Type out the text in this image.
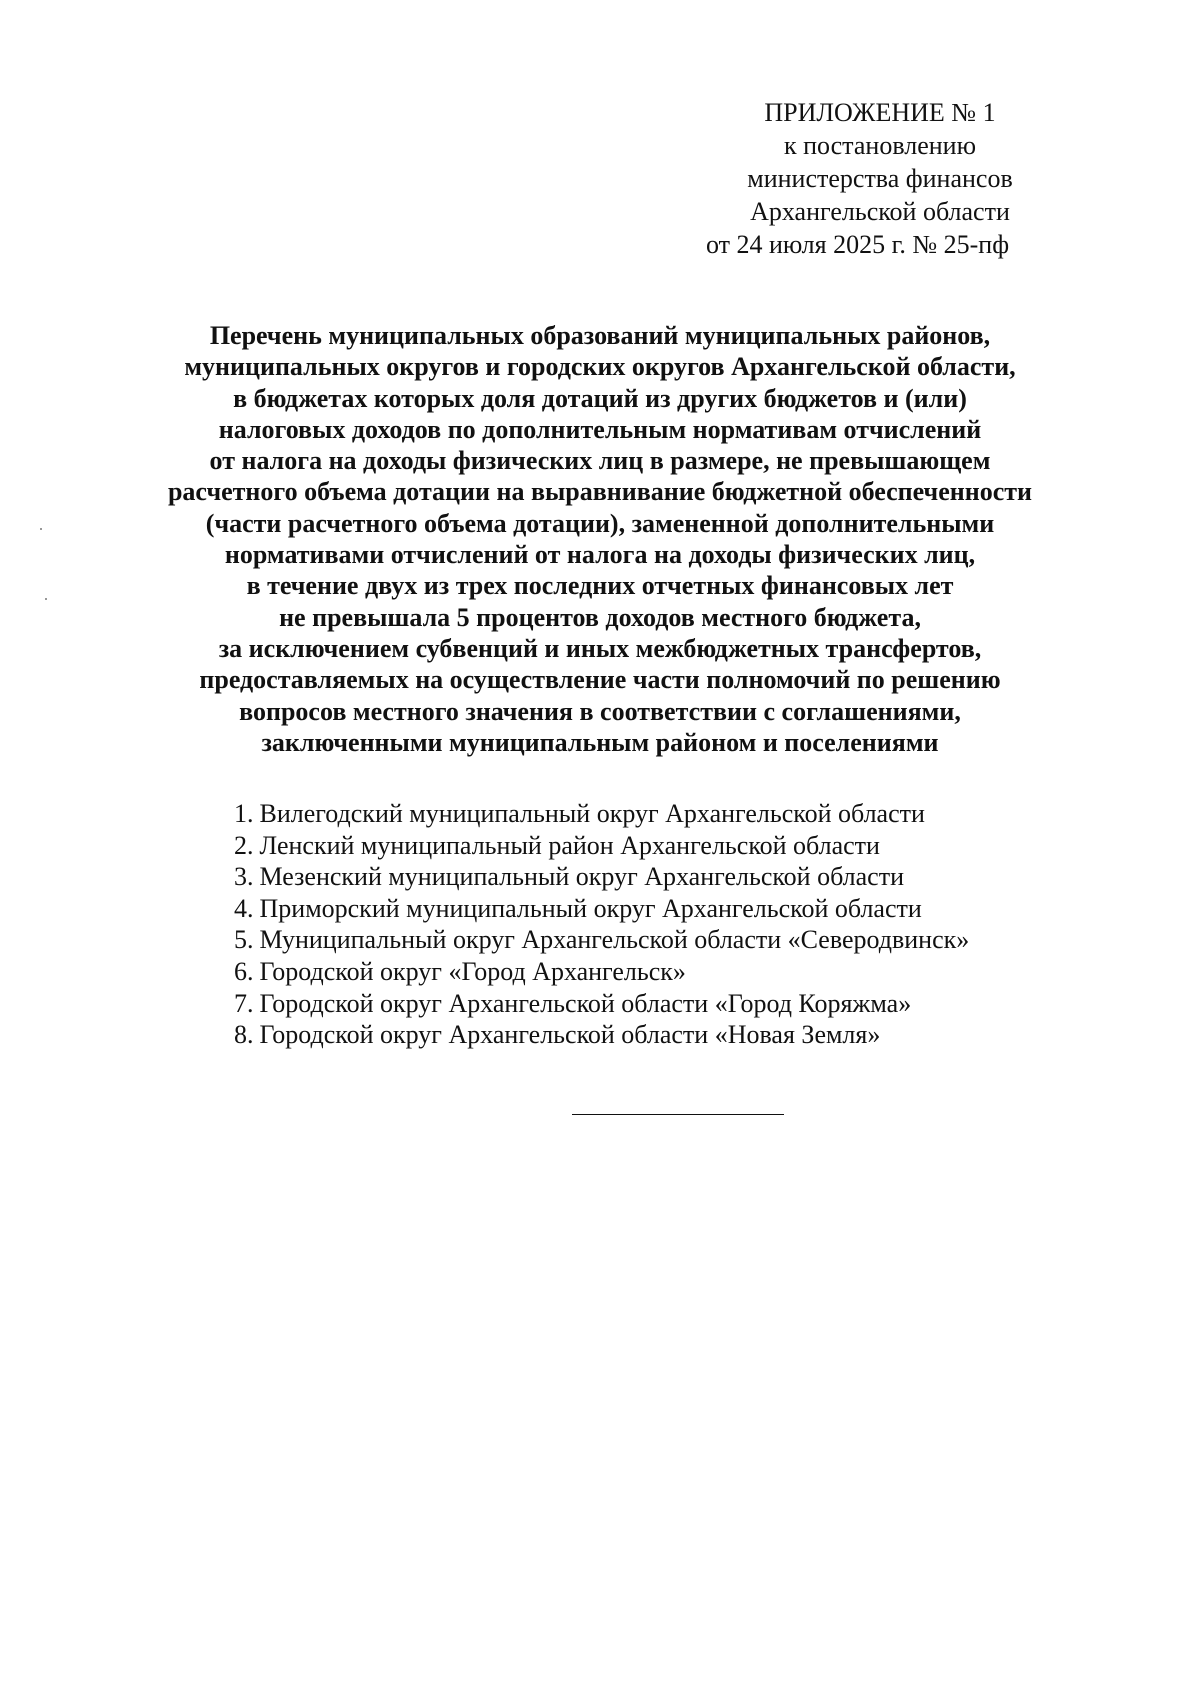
ПРИЛОЖЕНИЕ № 1
к постановлению
министерства финансов
Архангельской области
от 24 июля 2025 г. № 25-пф
Перечень муниципальных образований муниципальных районов,
муниципальных округов и городских округов Архангельской области,
в бюджетах которых доля дотаций из других бюджетов и (или)
налоговых доходов по дополнительным нормативам отчислений
от налога на доходы физических лиц в размере, не превышающем
расчетного объема дотации на выравнивание бюджетной обеспеченности
(части расчетного объема дотации), замененной дополнительными
нормативами отчислений от налога на доходы физических лиц,
в течение двух из трех последних отчетных финансовых лет
не превышала 5 процентов доходов местного бюджета,
за исключением субвенций и иных межбюджетных трансфертов,
предоставляемых на осуществление части полномочий по решению
вопросов местного значения в соответствии с соглашениями,
заключенными муниципальным районом и поселениями
1. Вилегодский муниципальный округ Архангельской области
2. Ленский муниципальный район Архангельской области
3. Мезенский муниципальный округ Архангельской области
4. Приморский муниципальный округ Архангельской области
5. Муниципальный округ Архангельской области «Северодвинск»
6. Городской округ «Город Архангельск»
7. Городской округ Архангельской области «Город Коряжма»
8. Городской округ Архангельской области «Новая Земля»
